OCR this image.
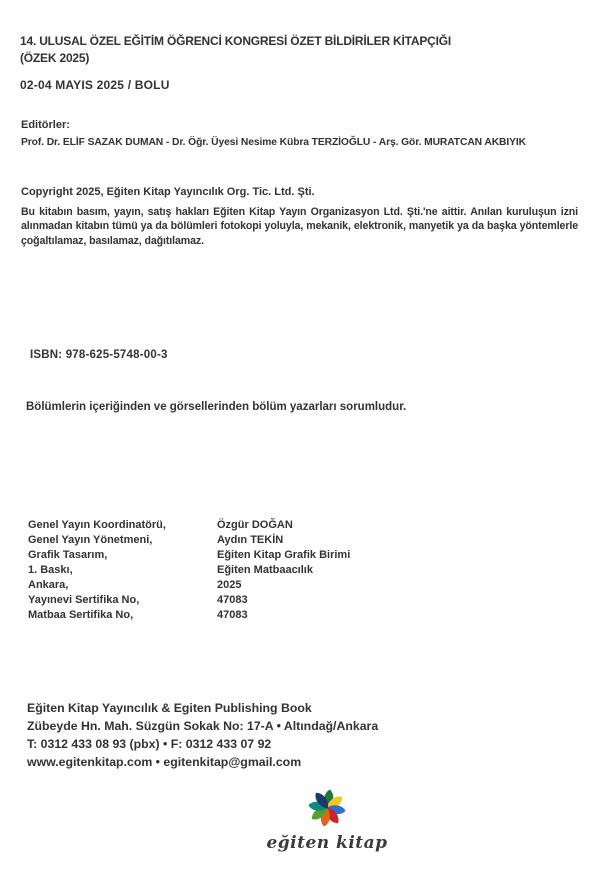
14. ULUSAL ÖZEL EĞİTİM ÖĞRENCİ KONGRESİ ÖZET BİLDİRİLER KİTAPÇIĞI
(ÖZEK 2025)
02-04 MAYIS 2025 / BOLU
Editörler:
Prof. Dr. ELİF SAZAK DUMAN - Dr. Öğr. Üyesi Nesime Kübra TERZİOĞLU - Arş. Gör. MURATCAN AKBIYIK
Copyright 2025, Eğiten Kitap Yayıncılık Org. Tic. Ltd. Şti.
Bu kitabın basım, yayın, satış hakları Eğiten Kitap Yayın Organizasyon Ltd. Şti.'ne aittir. Anılan kuruluşun izni alınmadan kitabın tümü ya da bölümleri fotokopi yoluyla, mekanik, elektronik, manyetik ya da başka yöntemlerle çoğaltılamaz, basılamaz, dağıtılamaz.
ISBN: 978-625-5748-00-3
Bölümlerin içeriğinden ve görsellerinden bölüm yazarları sorumludur.
Genel Yayın Koordinatörü,	Özgür DOĞAN
Genel Yayın Yönetmeni,	Aydın TEKİN
Grafik Tasarım,	Eğiten Kitap Grafik Birimi
1. Baskı,	Eğiten Matbaacılık
Ankara,	2025
Yayınevi Sertifika No,	47083
Matbaa Sertifika No,	47083
Eğiten Kitap Yayıncılık & Egiten Publishing Book
Zübeyde Hn. Mah. Süzgün Sokak No: 17-A • Altındağ/Ankara
T: 0312 433 08 93 (pbx) • F: 0312 433 07 92
www.egitenkitap.com • egitenkitap@gmail.com
eğiten kitap
